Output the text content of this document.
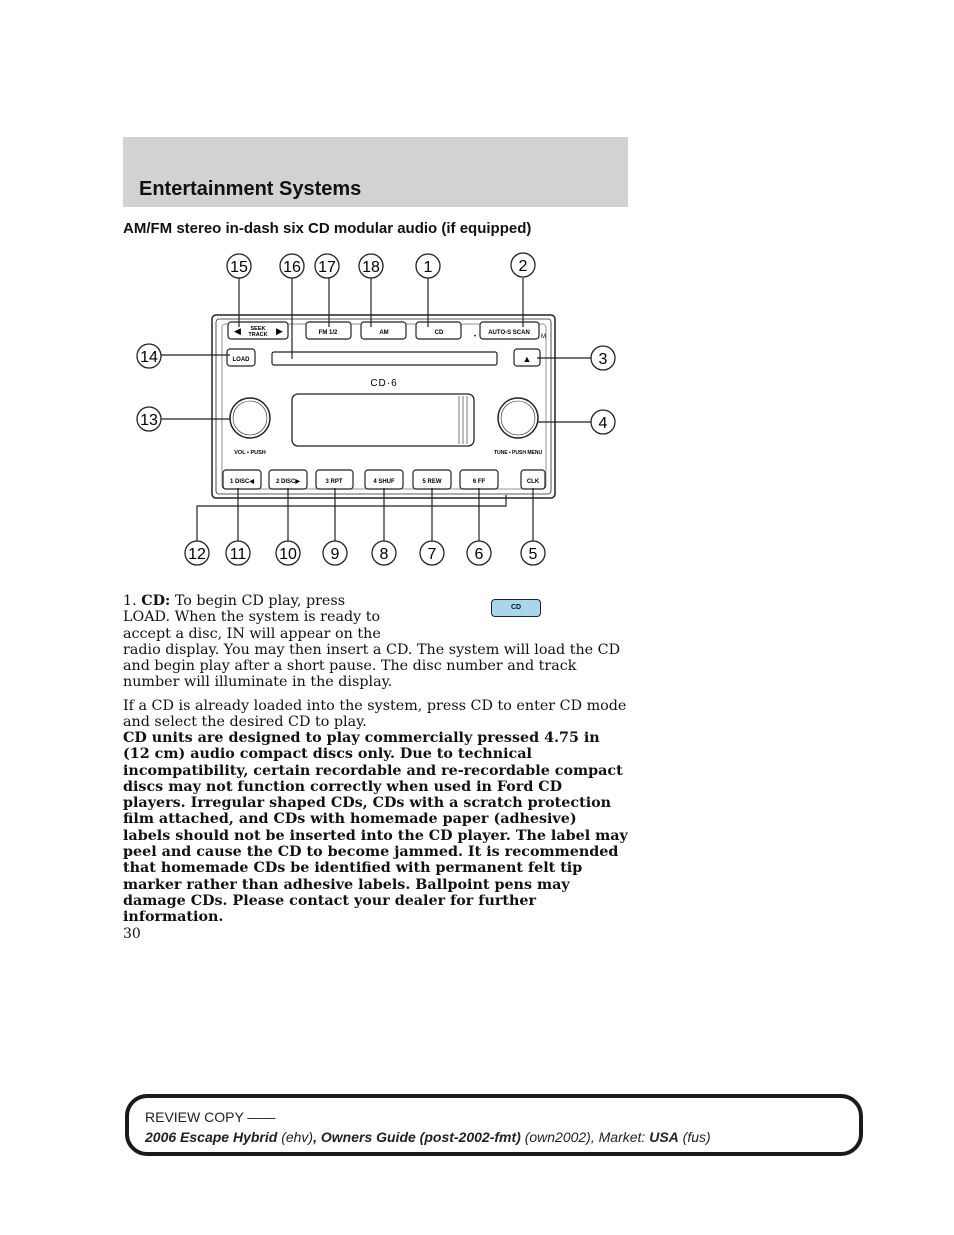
Entertainment Systems
AM/FM stereo in-dash six CD modular audio (if equipped)
◀	▶
SEEK
TRACK	FM 1/2	AM	CD	AUTO-S SCAN
•	M
LOAD	▲
CD·6
VOL • PUSH	TUNE • PUSH MENU
1 DISC◀	2 DISC▶	3 RPT	4 SHUF	5 REW	6 FF	CLK
15 16 17 18	1	2
14
13
3
4
12 11 10 9	8 7 6	5

1. CD: To begin CD play, press LOAD. When the system is ready to accept a disc, IN will appear on the
radio display. You may then insert a CD. The system will load the CD and begin play after a short pause. The disc number and track number will illuminate in the display.

CD

If a CD is already loaded into the system, press CD to enter CD mode and select the desired CD to play.

CD units are designed to play commercially pressed 4.75 in (12 cm) audio compact discs only. Due to technical incompatibility, certain recordable and re-recordable compact discs may not function correctly when used in Ford CD players. Irregular shaped CDs, CDs with a scratch protection film attached, and CDs with homemade paper (adhesive) labels should not be inserted into the CD player. The label may peel and cause the CD to become jammed. It is recommended that homemade CDs be identified with permanent felt tip marker rather than adhesive labels. Ballpoint pens may damage CDs. Please contact your dealer for further information.

30

REVIEW COPY ——
2006 Escape Hybrid (ehv), Owners Guide (post-2002-fmt) (own2002), Market: USA (fus)
